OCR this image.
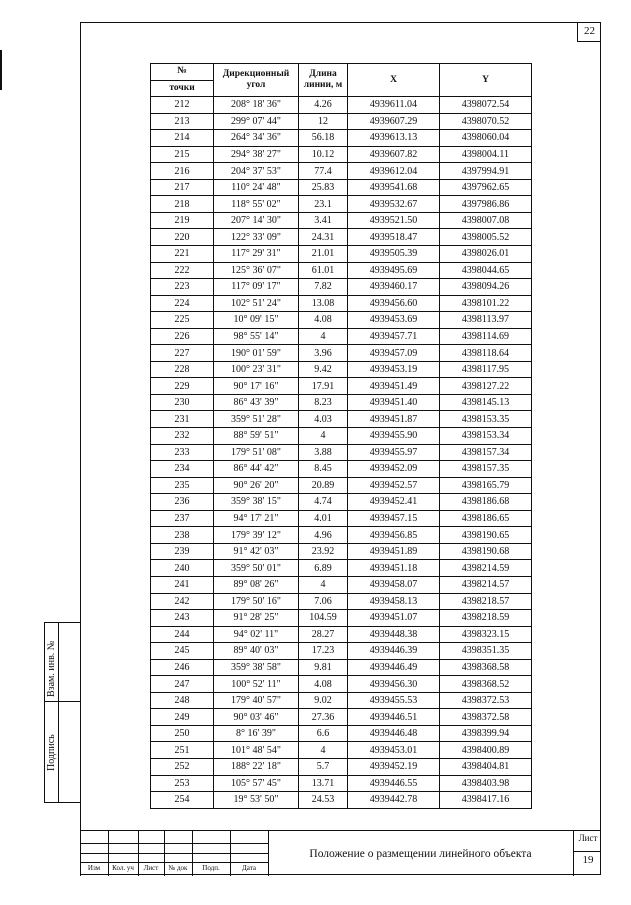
22
№	Дирекционный угол	Длина линии, м	X	Y
точки				
212	208° 18' 36"	4.26	4939611.04	4398072.54
213	299° 07' 44"	12	4939607.29	4398070.52
214	264° 34' 36"	56.18	4939613.13	4398060.04
215	294° 38' 27"	10.12	4939607.82	4398004.11
216	204° 37' 53"	77.4	4939612.04	4397994.91
217	110° 24' 48"	25.83	4939541.68	4397962.65
218	118° 55' 02"	23.1	4939532.67	4397986.86
219	207° 14' 30"	3.41	4939521.50	4398007.08
220	122° 33' 09"	24.31	4939518.47	4398005.52
221	117° 29' 31"	21.01	4939505.39	4398026.01
222	125° 36' 07"	61.01	4939495.69	4398044.65
223	117° 09' 17"	7.82	4939460.17	4398094.26
224	102° 51' 24"	13.08	4939456.60	4398101.22
225	10° 09' 15"	4.08	4939453.69	4398113.97
226	98° 55' 14"	4	4939457.71	4398114.69
227	190° 01' 59"	3.96	4939457.09	4398118.64
228	100° 23' 31"	9.42	4939453.19	4398117.95
229	90° 17' 16"	17.91	4939451.49	4398127.22
230	86° 43' 39"	8.23	4939451.40	4398145.13
231	359° 51' 28"	4.03	4939451.87	4398153.35
232	88° 59' 51"	4	4939455.90	4398153.34
233	179° 51' 08"	3.88	4939455.97	4398157.34
234	86° 44' 42"	8.45	4939452.09	4398157.35
235	90° 26' 20"	20.89	4939452.57	4398165.79
236	359° 38' 15"	4.74	4939452.41	4398186.68
237	94° 17' 21"	4.01	4939457.15	4398186.65
238	179° 39' 12"	4.96	4939456.85	4398190.65
239	91° 42' 03"	23.92	4939451.89	4398190.68
240	359° 50' 01"	6.89	4939451.18	4398214.59
241	89° 08' 26"	4	4939458.07	4398214.57
242	179° 50' 16"	7.06	4939458.13	4398218.57
243	91° 28' 25"	104.59	4939451.07	4398218.59
244	94° 02' 11"	28.27	4939448.38	4398323.15
245	89° 40' 03"	17.23	4939446.39	4398351.35
246	359° 38' 58"	9.81	4939446.49	4398368.58
247	100° 52' 11"	4.08	4939456.30	4398368.52
248	179° 40' 57"	9.02	4939455.53	4398372.53
249	90° 03' 46"	27.36	4939446.51	4398372.58
250	8° 16' 39"	6.6	4939446.48	4398399.94
251	101° 48' 54"	4	4939453.01	4398400.89
252	188° 22' 18"	5.7	4939452.19	4398404.81
253	105° 57' 45"	13.71	4939446.55	4398403.98
254	19° 53' 50"	24.53	4939442.78	4398417.16
Взам. инв. №
Подпись
Изм	Кол. уч	Лист	№ док	Подп.	Дата
Положение о размещении линейного объекта
Лист
19
